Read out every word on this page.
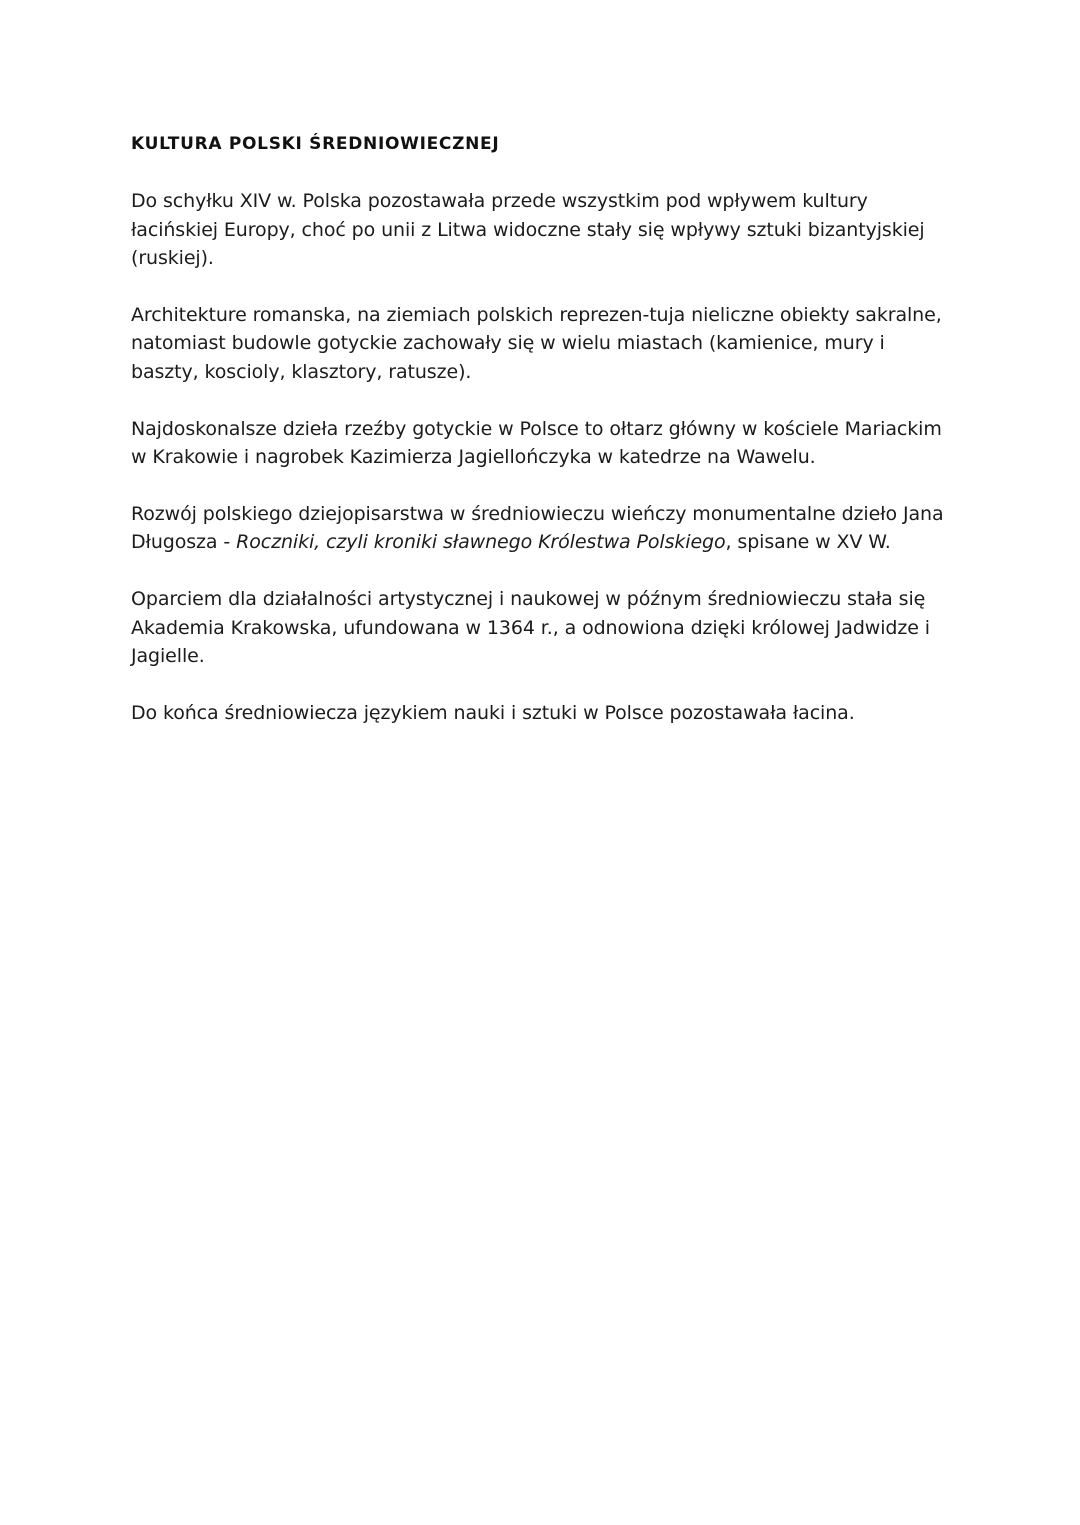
KULTURA POLSKI ŚREDNIOWIECZNEJ

Do schyłku XIV w. Polska pozostawała przede wszystkim pod wpływem kultury łacińskiej Europy, choć po unii z Litwa widoczne stały się wpływy sztuki bizantyjskiej (ruskiej).

Architekture romanska, na ziemiach polskich reprezen-tuja nieliczne obiekty sakralne, natomiast budowle gotyckie zachowały się w wielu miastach (kamienice, mury i baszty, koscioly, klasztory, ratusze).

Najdoskonalsze dzieła rzeźby gotyckie w Polsce to ołtarz główny w kościele Mariackim w Krakowie i nagrobek Kazimierza Jagiellończyka w katedrze na Wawelu.

Rozwój polskiego dziejopisarstwa w średniowieczu wieńczy monumentalne dzieło Jana Długosza - Roczniki, czyli kroniki sławnego Królestwa Polskiego, spisane w XV W.

Oparciem dla działalności artystycznej i naukowej w późnym średniowieczu stała się Akademia Krakowska, ufundowana w 1364 r., a odnowiona dzięki królowej Jadwidze i Jagielle.

Do końca średniowiecza językiem nauki i sztuki w Polsce pozostawała łacina.
